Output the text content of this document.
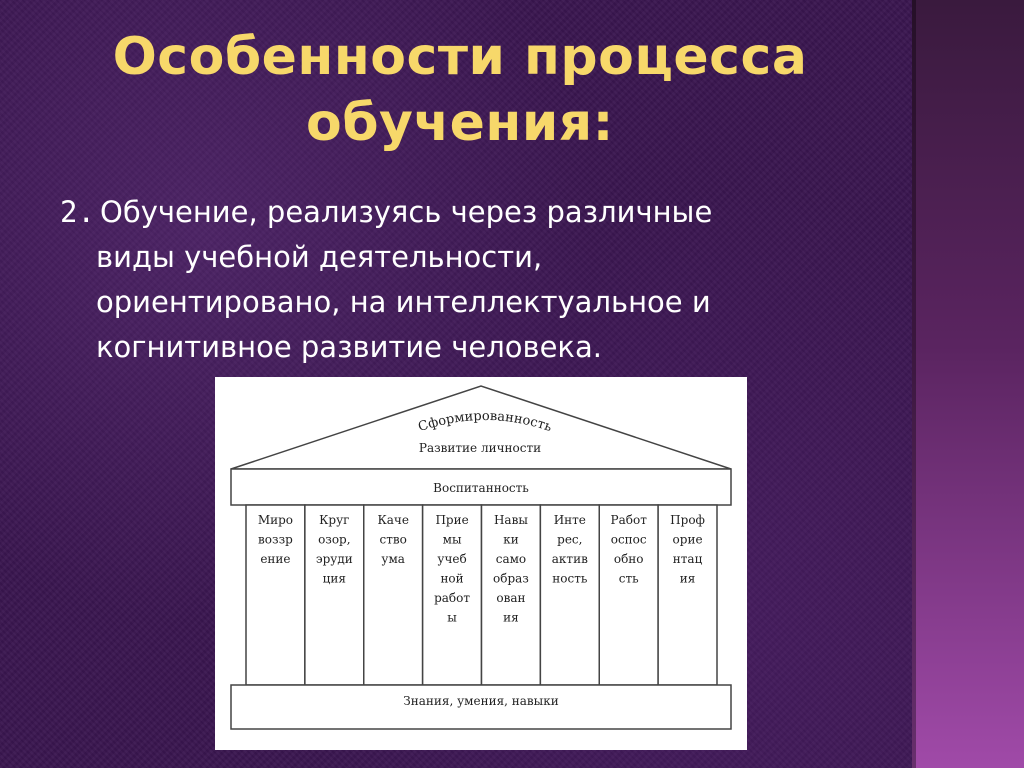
Особенности процесса
обучения:
2. Обучение, реализуясь через различные
виды учебной деятельности,
ориентировано, на интеллектуальное и
когнитивное развитие человека.
Сформированность
Развитие личности
Воспитанность
Миро
воззр
ение
Круг
озор,
эруди
ция
Каче
ство
ума
Прие
мы
учеб
ной
работ
ы
Навы
ки
само
образ
ован
ия
Инте
рес,
актив
ность
Работ
оспос
обно
сть
Проф
орие
нтац
ия
Знания, умения, навыки
